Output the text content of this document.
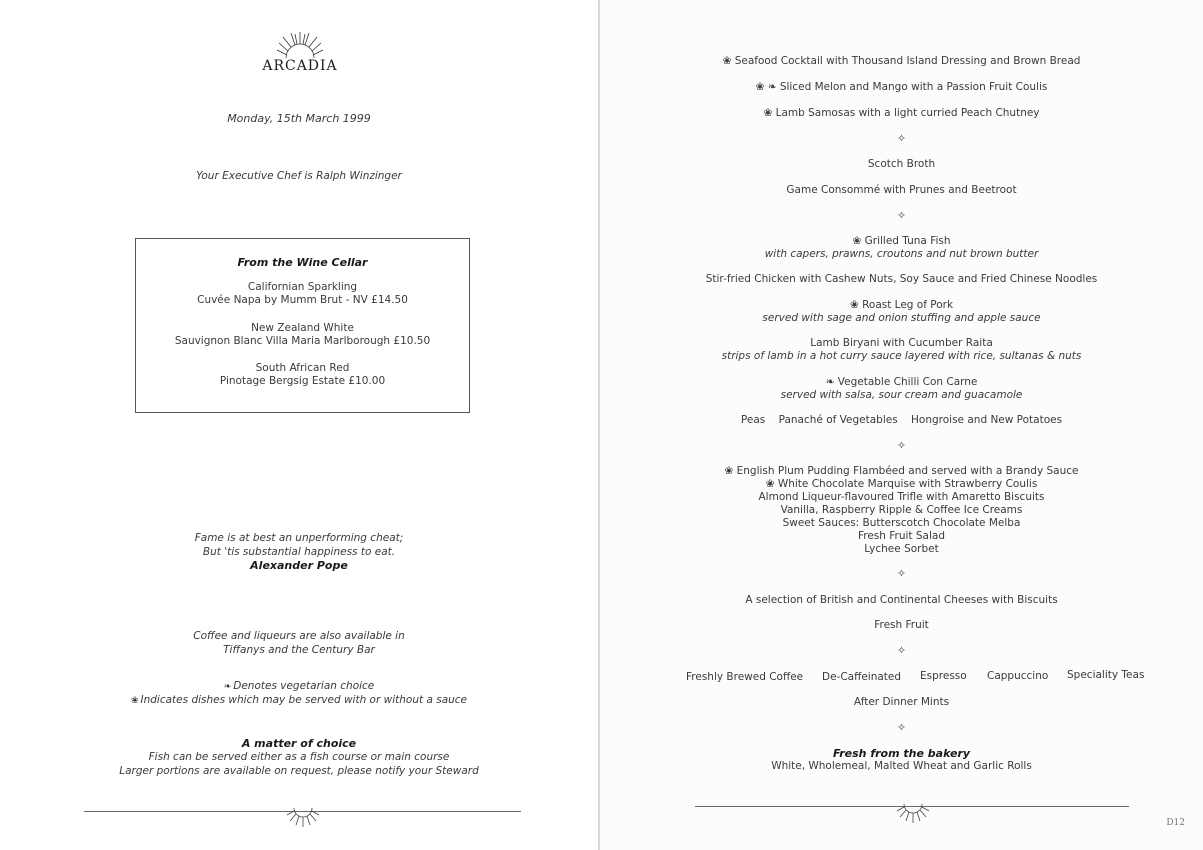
ARCADIA
Monday, 15th March 1999
Your Executive Chef is Ralph Winzinger
From the Wine Cellar
Californian Sparkling
Cuvée Napa by Mumm Brut - NV £14.50
New Zealand White
Sauvignon Blanc Villa Maria Marlborough £10.50
South African Red
Pinotage Bergsig Estate £10.00
Fame is at best an unperforming cheat;
But 'tis substantial happiness to eat.
Alexander Pope
Coffee and liqueurs are also available in
Tiffanys and the Century Bar
❧ Denotes vegetarian choice
❀ Indicates dishes which may be served with or without a sauce
A matter of choice
Fish can be served either as a fish course or main course
Larger portions are available on request, please notify your Steward
❀ Seafood Cocktail with Thousand Island Dressing and Brown Bread
❀ ❧ Sliced Melon and Mango with a Passion Fruit Coulis
❀ Lamb Samosas with a light curried Peach Chutney
✧
Scotch Broth
Game Consommé with Prunes and Beetroot
✧
❀ Grilled Tuna Fish
with capers, prawns, croutons and nut brown butter
Stir-fried Chicken with Cashew Nuts, Soy Sauce and Fried Chinese Noodles
❀ Roast Leg of Pork
served with sage and onion stuffing and apple sauce
Lamb Biryani with Cucumber Raita
strips of lamb in a hot curry sauce layered with rice, sultanas & nuts
❧ Vegetable Chilli Con Carne
served with salsa, sour cream and guacamole
Peas    Panaché of Vegetables    Hongroise and New Potatoes
✧
❀ English Plum Pudding Flambéed and served with a Brandy Sauce
❀ White Chocolate Marquise with Strawberry Coulis
Almond Liqueur-flavoured Trifle with Amaretto Biscuits
Vanilla, Raspberry Ripple & Coffee Ice Creams
Sweet Sauces: Butterscotch Chocolate Melba
Fresh Fruit Salad
Lychee Sorbet
✧
A selection of British and Continental Cheeses with Biscuits
Fresh Fruit
✧
Freshly Brewed Coffee De-Caffeinated Espresso Cappuccino Speciality Teas
After Dinner Mints
✧
Fresh from the bakery
White, Wholemeal, Malted Wheat and Garlic Rolls
D12
